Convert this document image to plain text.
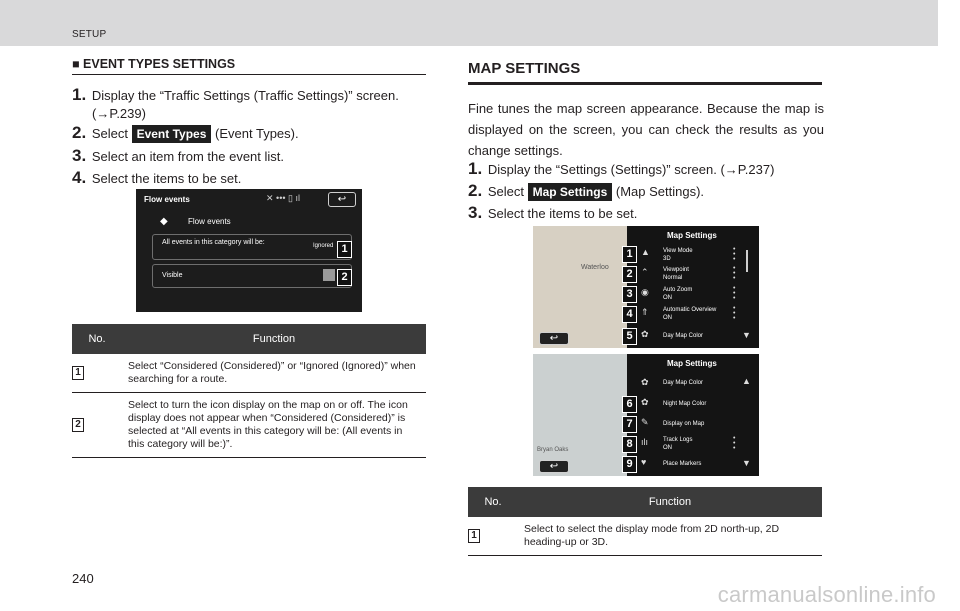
SETUP
■ EVENT TYPES SETTINGS
1. Display the “Traffic Settings (Traffic Settings)” screen.
(→P.239)
2. Select Event Types (Event Types).
3. Select an item from the event list.
4. Select the items to be set.
Flow events	✕ ••• ▯ ıl	↩
◆	Flow events
All events in this category will be:	Ignored 1
Visible	2
No.	Function
1	Select “Considered (Considered)” or “Ignored (Ignored)” when searching for a route.
2	Select to turn the icon display on the map on or off. The icon display does not appear when “Considered (Considered)” is selected at “All events in this category will be: (All events in this category will be:)”.
MAP SETTINGS
Fine tunes the map screen appearance. Because the map is displayed on the screen, you can check the results as you change settings.
1. Display the “Settings (Settings)” screen. (→P.237)
2. Select Map Settings (Map Settings).
3. Select the items to be set.
Waterloo
↩
Map Settings
1 ▲ View Mode
3D
•
•
•
2 ⌃ Viewpoint
Normal
•
•
•
3 ◉ Auto Zoom
ON
•
•
•
4 ⇑ Automatic Overview
ON
•
•
•
5 ✿ Day Map Color	▼
Bryan Oaks
↩
Map Settings
✿ Day Map Color	▲
6 ✿ Night Map Color
7 ✎ Display on Map
8 ılı Track Logs
ON
•
•
•
9 ♥	Place Markers	▼
No.	Function
1	Select to select the display mode from 2D north-up, 2D heading-up or 3D.
240
carmanualsonline.info
